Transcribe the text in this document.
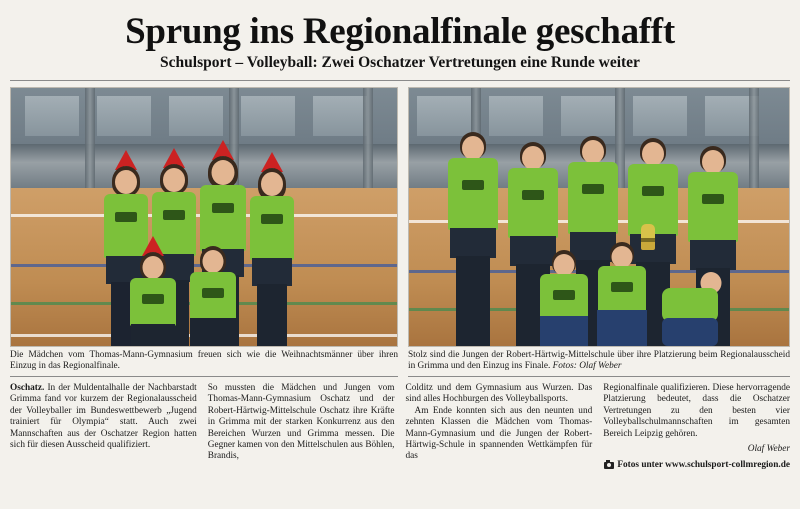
Sprung ins Regionalfinale geschafft
Schulsport – Volleyball: Zwei Oschatzer Vertretungen eine Runde weiter
Die Mädchen vom Thomas-Mann-Gymnasium freuen sich wie die Weihnachtsmänner über ihren Einzug in das Regionalfinale.
Stolz sind die Jungen der Robert-Härtwig-Mittelschule über ihre Platzierung beim Regionalausscheid in Grimma und den Einzug ins Finale. Fotos: Olaf Weber

Oschatz. In der Muldentalhalle der Nachbarstadt Grimma fand vor kurzem der Regionalausscheid der Volleyballer im Bundeswettbewerb „Jugend trainiert für Olympia“ statt. Auch zwei Mannschaften aus der Oschatzer Region hatten sich für diesen Ausscheid qualifiziert.

So mussten die Mädchen und Jungen vom Thomas-Mann-Gymnasium Oschatz und der Robert-Härtwig-Mittelschule Oschatz ihre Kräfte in Grimma mit der starken Konkurrenz aus den Bereichen Wurzen und Grimma messen. Die Gegner kamen von den Mittelschulen aus Böhlen, Brandis,

Colditz und dem Gymnasium aus Wurzen. Das sind alles Hochburgen des Volleyballsports.

Am Ende konnten sich aus den neunten und zehnten Klassen die Mädchen vom Thomas-Mann-Gymnasium und die Jungen der Robert-Härtwig-Schule in spannenden Wettkämpfen für das

Regionalfinale qualifizieren. Diese hervorragende Platzierung bedeutet, dass die Oschatzer Vertretungen zu den besten vier Volleyballschulmannschaften im gesamten Bereich Leipzig gehören.

Olaf Weber
Fotos unter www.schulsport-collmregion.de
